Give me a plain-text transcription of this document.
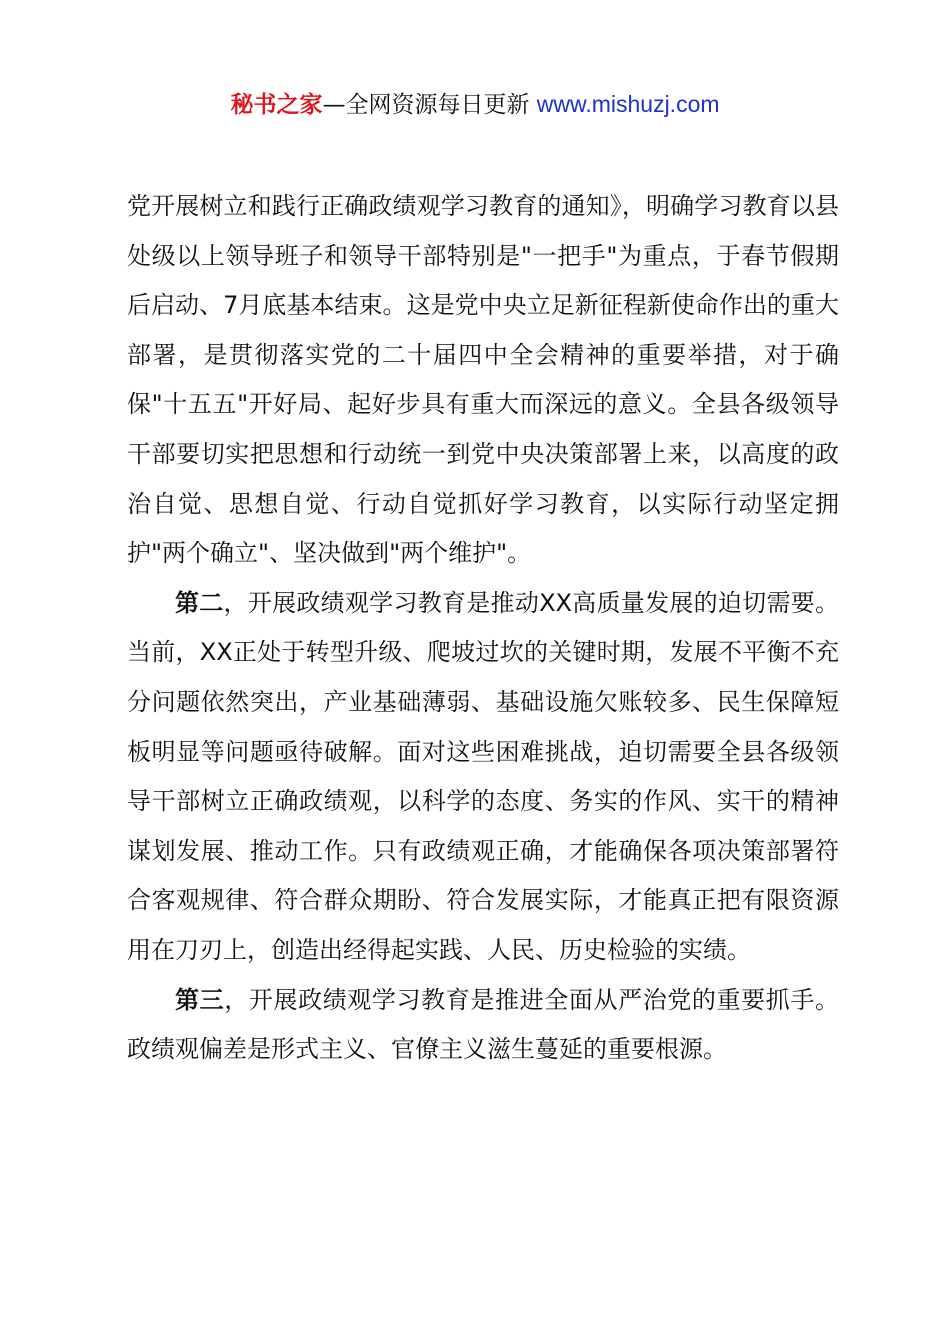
秘书之家—全网资源每日更新 www.mishuzj.com

党开展树立和践行正确政绩观学习教育的通知》，明确学习教育以县处级以上领导班子和领导干部特别是"一把手"为重点，于春节假期后启动、7月底基本结束。这是党中央立足新征程新使命作出的重大部署，是贯彻落实党的二十届四中全会精神的重要举措，对于确保"十五五"开好局、起好步具有重大而深远的意义。全县各级领导干部要切实把思想和行动统一到党中央决策部署上来，以高度的政治自觉、思想自觉、行动自觉抓好学习教育，以实际行动坚定拥护"两个确立"、坚决做到"两个维护"。

第二，开展政绩观学习教育是推动XX高质量发展的迫切需要。当前，XX正处于转型升级、爬坡过坎的关键时期，发展不平衡不充分问题依然突出，产业基础薄弱、基础设施欠账较多、民生保障短板明显等问题亟待破解。面对这些困难挑战，迫切需要全县各级领导干部树立正确政绩观，以科学的态度、务实的作风、实干的精神谋划发展、推动工作。只有政绩观正确，才能确保各项决策部署符合客观规律、符合群众期盼、符合发展实际，才能真正把有限资源用在刀刃上，创造出经得起实践、人民、历史检验的实绩。

第三，开展政绩观学习教育是推进全面从严治党的重要抓手。政绩观偏差是形式主义、官僚主义滋生蔓延的重要根源。
